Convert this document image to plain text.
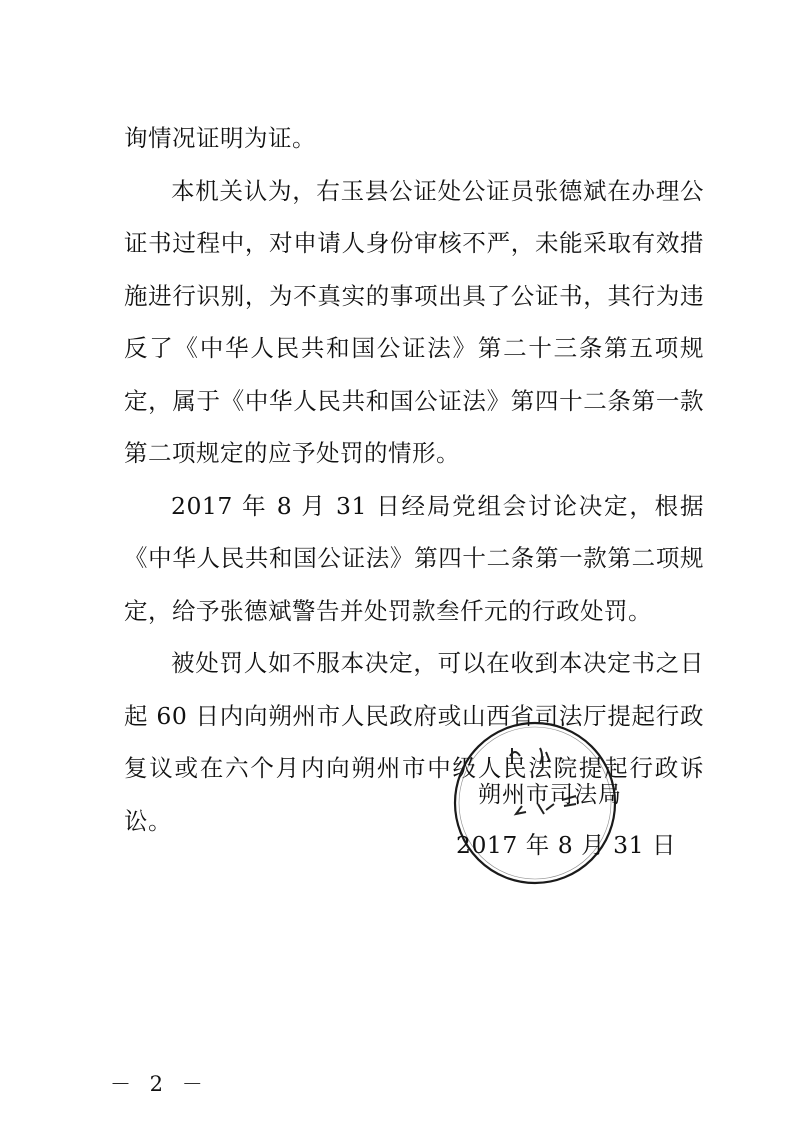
询情况证明为证。

本机关认为，右玉县公证处公证员张德斌在办理公证书过程中，对申请人身份审核不严，未能采取有效措施进行识别，为不真实的事项出具了公证书，其行为违反了《中华人民共和国公证法》第二十三条第五项规定，属于《中华人民共和国公证法》第四十二条第一款第二项规定的应予处罚的情形。

2017 年 8 月 31 日经局党组会讨论决定，根据《中华人民共和国公证法》第四十二条第一款第二项规定，给予张德斌警告并处罚款叁仟元的行政处罚。

被处罚人如不服本决定，可以在收到本决定书之日起 60 日内向朔州市人民政府或山西省司法厅提起行政复议或在六个月内向朔州市中级人民法院提起行政诉讼。

朔州市司法局
2017 年 8 月 31 日
－ 2 －
